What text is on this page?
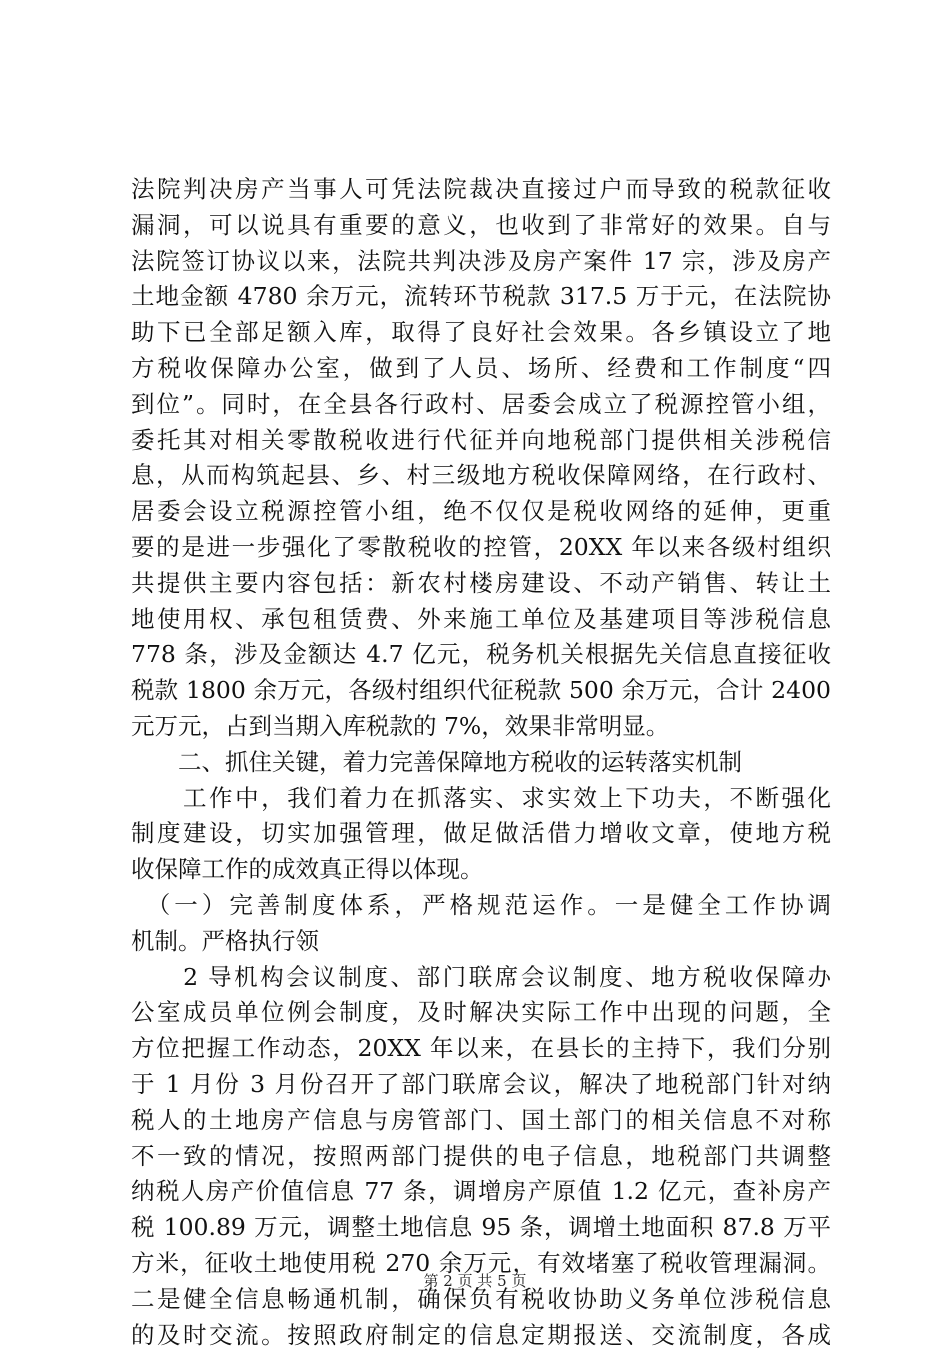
法院判决房产当事人可凭法院裁决直接过户而导致的税款征收
漏洞，可以说具有重要的意义，也收到了非常好的效果。自与
法院签订协议以来，法院共判决涉及房产案件 17 宗，涉及房产
土地金额 4780 余万元，流转环节税款 317.5 万于元，在法院协
助下已全部足额入库，取得了良好社会效果。各乡镇设立了地
方税收保障办公室，做到了人员、场所、经费和工作制度“四
到位”。同时，在全县各行政村、居委会成立了税源控管小组，
委托其对相关零散税收进行代征并向地税部门提供相关涉税信
息，从而构筑起县、乡、村三级地方税收保障网络，在行政村、
居委会设立税源控管小组，绝不仅仅是税收网络的延伸，更重
要的是进一步强化了零散税收的控管，20XX 年以来各级村组织
共提供主要内容包括：新农村楼房建设、不动产销售、转让土
地使用权、承包租赁费、外来施工单位及基建项目等涉税信息
778 条，涉及金额达 4.7 亿元，税务机关根据先关信息直接征收
税款 1800 余万元，各级村组织代征税款 500 余万元，合计 2400
元万元，占到当期入库税款的 7%，效果非常明显。
　　二、抓住关键，着力完善保障地方税收的运转落实机制
　　工作中，我们着力在抓落实、求实效上下功夫，不断强化
制度建设，切实加强管理，做足做活借力增收文章，使地方税
收保障工作的成效真正得以体现。
　（一）完善制度体系，严格规范运作。一是健全工作协调
机制。严格执行领
　　2 导机构会议制度、部门联席会议制度、地方税收保障办
公室成员单位例会制度，及时解决实际工作中出现的问题，全
方位把握工作动态，20XX 年以来，在县长的主持下，我们分别
于 1 月份 3 月份召开了部门联席会议，解决了地税部门针对纳
税人的土地房产信息与房管部门、国土部门的相关信息不对称
不一致的情况，按照两部门提供的电子信息，地税部门共调整
纳税人房产价值信息 77 条，调增房产原值 1.2 亿元，查补房产
税 100.89 万元，调整土地信息 95 条，调增土地面积 87.8 万平
方米，征收土地使用税 270 余万元，有效堵塞了税收管理漏洞。
二是健全信息畅通机制，确保负有税收协助义务单位涉税信息
的及时交流。按照政府制定的信息定期报送、交流制度，各成
第 2 页 共 5 页
